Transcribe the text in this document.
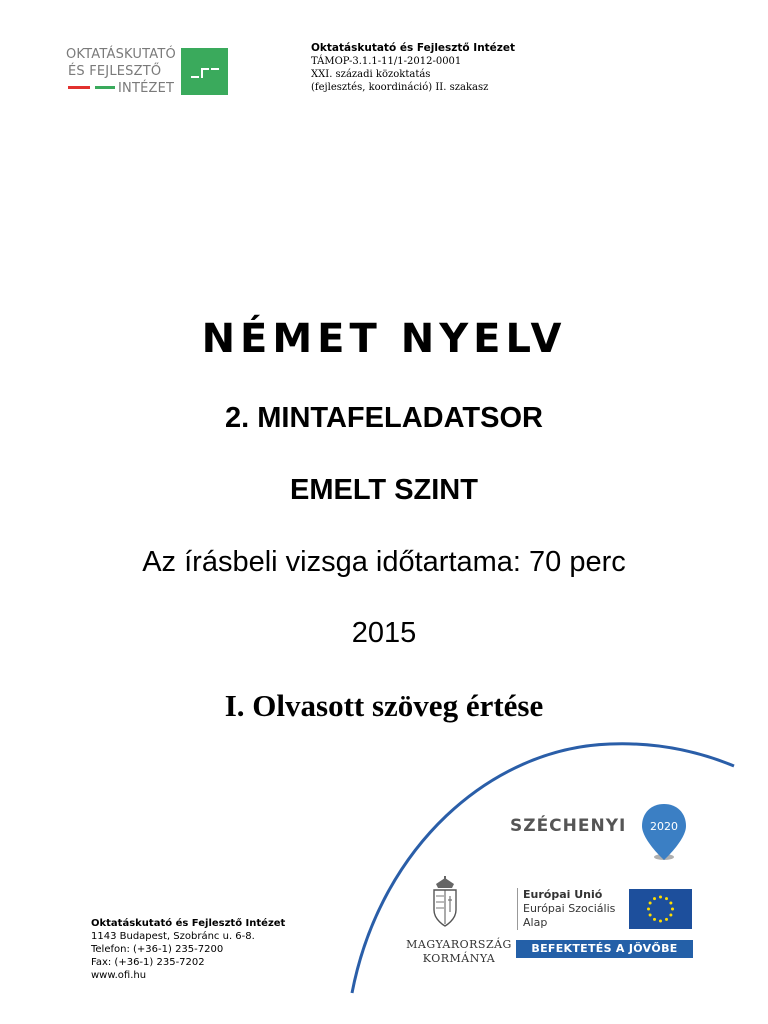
OKTATÁSKUTATÓ
ÉS FEJLESZTŐ
INTÉZET
Oktatáskutató és Fejlesztő Intézet
TÁMOP-3.1.1-11/1-2012-0001
XXI. századi közoktatás
(fejlesztés, koordináció) II. szakasz
NÉMET NYELV
2. MINTAFELADATSOR
EMELT SZINT
Az írásbeli vizsga időtartama: 70 perc
2015
I. Olvasott szöveg értése
SZÉCHENYI 2020
MAGYARORSZÁG
KORMÁNYA
Európai Unió
Európai Szociális
Alap
BEFEKTETÉS A JÖVŐBE
Oktatáskutató és Fejlesztő Intézet
1143 Budapest, Szobránc u. 6-8.
Telefon: (+36-1) 235-7200
Fax: (+36-1) 235-7202
www.ofi.hu
